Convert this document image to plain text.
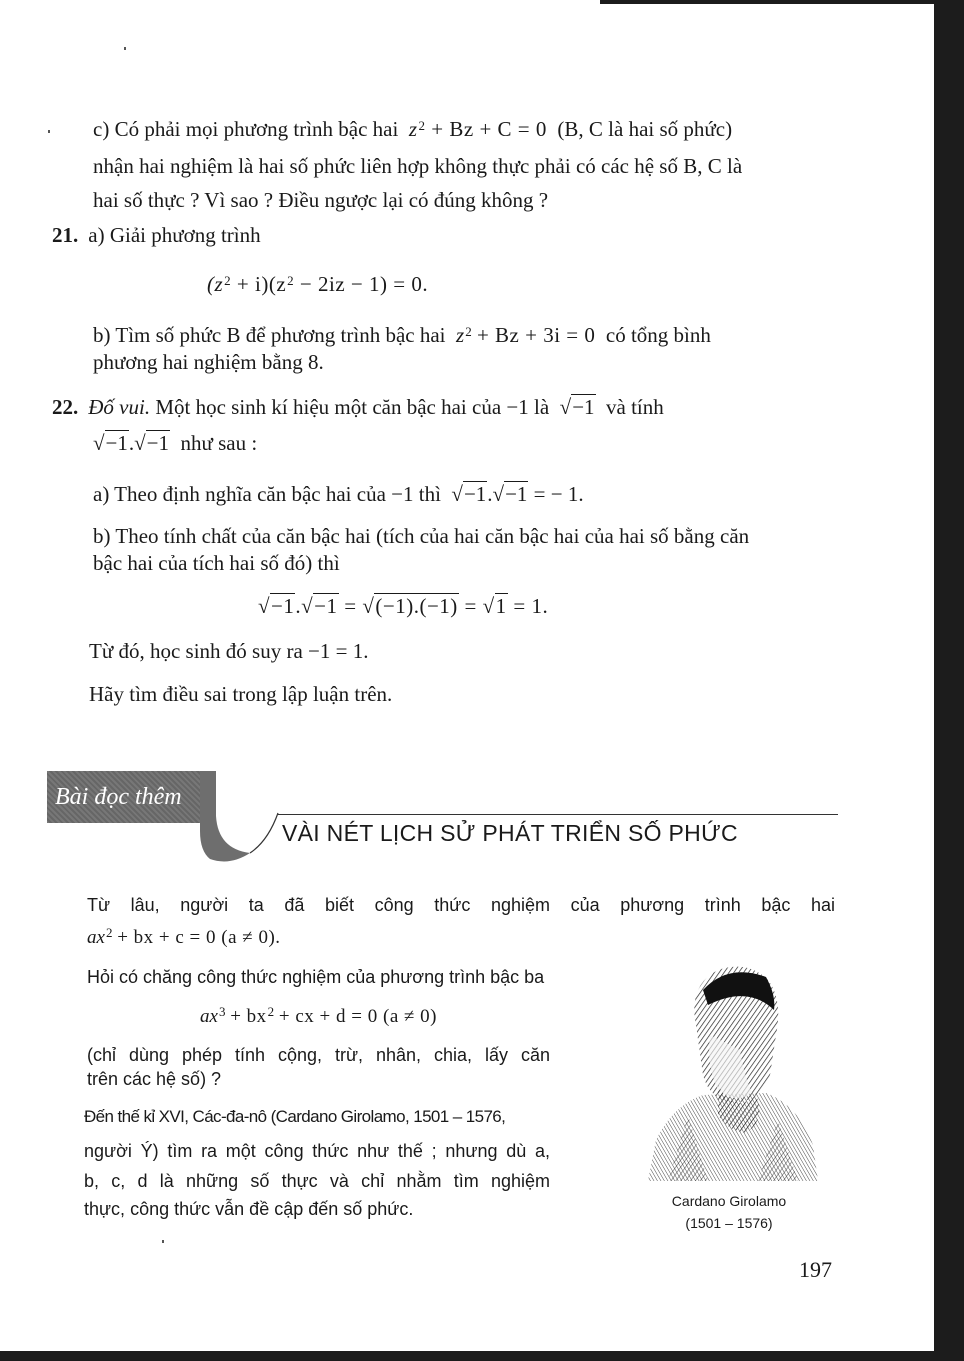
c) Có phải mọi phương trình bậc hai $z^2 + Bz + C = 0$ (B, C là hai số phức)
nhận hai nghiệm là hai số phức liên hợp không thực phải có các hệ số B, C là
hai số thực ? Vì sao ? Điều ngược lại có đúng không ?
21. a) Giải phương trình
$(z^2 + i)(z^2 - 2iz - 1) = 0$.
b) Tìm số phức B để phương trình bậc hai $z^2 + Bz + 3i = 0$ có tổng bình
phương hai nghiệm bằng 8.
22. Đố vui. Một học sinh kí hiệu một căn bậc hai của −1 là √−1 và tính
√−1.√−1 như sau :
a) Theo định nghĩa căn bậc hai của −1 thì √−1.√−1 = − 1.
b) Theo tính chất của căn bậc hai (tích của hai căn bậc hai của hai số bằng căn
bậc hai của tích hai số đó) thì
√−1.√−1 = √(−1).(−1) = √1 = 1.
Từ đó, học sinh đó suy ra −1 = 1.
Hãy tìm điều sai trong lập luận trên.
Bài đọc thêm
VÀI NÉT LỊCH SỬ PHÁT TRIỂN SỐ PHỨC
Từ lâu, người ta đã biết công thức nghiệm của phương trình bậc hai
$ax^2$ + bx + c = 0 (a ≠ 0).
Hỏi có chăng công thức nghiệm của phương trình bậc ba
$ax^3 + bx^2$ + cx + d = 0 (a ≠ 0)
(chỉ dùng phép tính cộng, trừ, nhân, chia, lấy căn
trên các hệ số) ?
Đến thế kỉ XVI, Các-đa-nô (Cardano Girolamo, 1501 – 1576,
người Ý) tìm ra một công thức như thế ; nhưng dù a,
b, c, d là những số thực và chỉ nhằm tìm nghiệm
thực, công thức vẫn đề cập đến số phức.	Cardano Girolamo
(1501 – 1576)
197
